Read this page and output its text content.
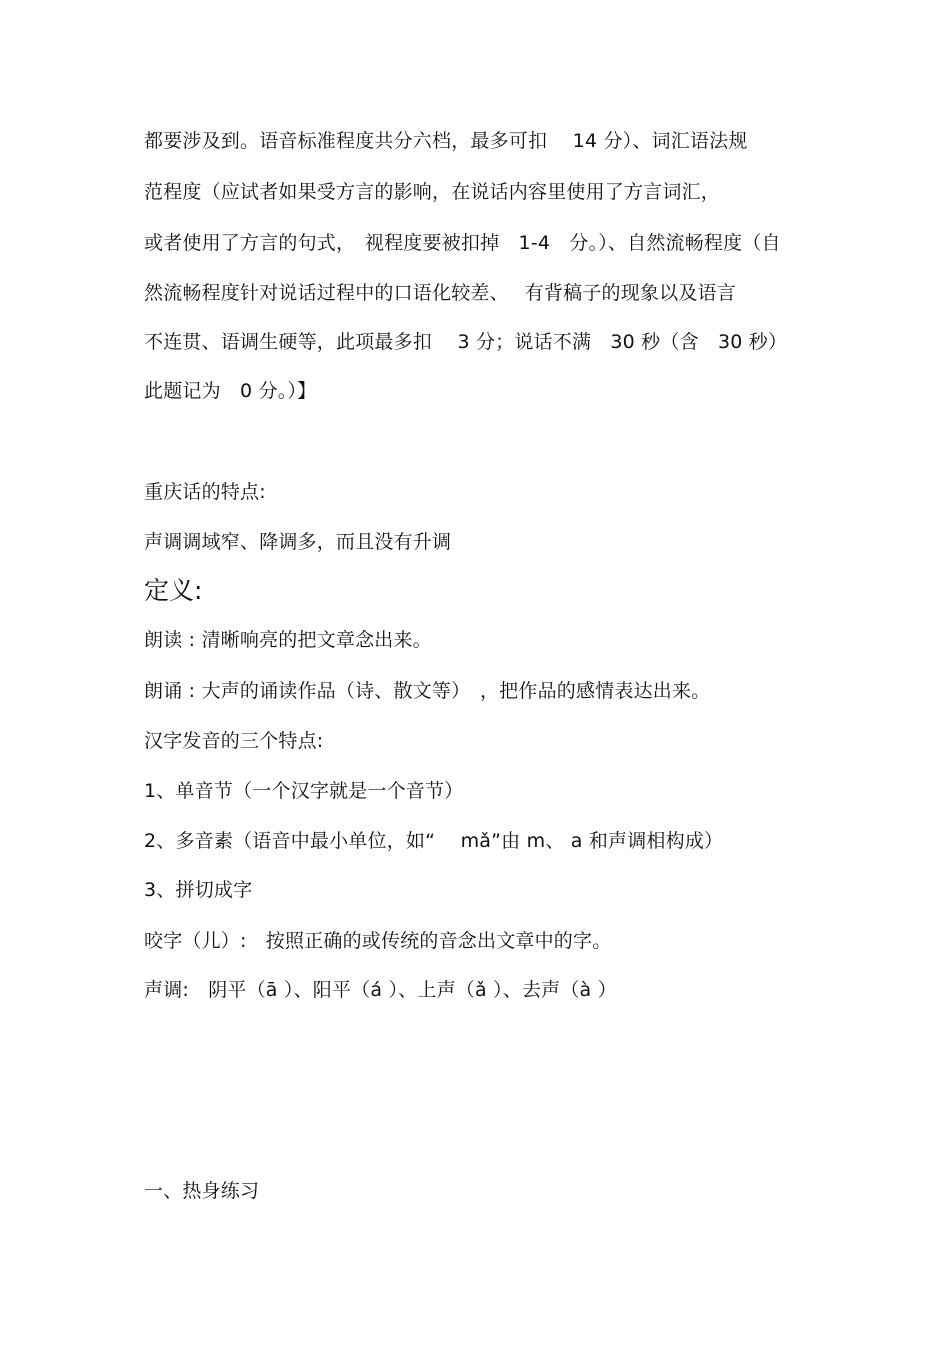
都要涉及到。语音标准程度共分六档，最多可扣　 14 分）、词汇语法规
范程度（应试者如果受方言的影响，在说话内容里使用了方言词汇，
或者使用了方言的句式，　视程度要被扣掉　1-4　分。）、自然流畅程度（自
然流畅程度针对说话过程中的口语化较差、　 有背稿子的现象以及语言
不连贯、语调生硬等，此项最多扣　 3 分；说话不满　30 秒（含　30 秒）
此题记为　0 分。）】
重庆话的特点:
声调调域窄、降调多，而且没有升调
定义:
朗读 : 清晰响亮的把文章念出来。
朗诵 : 大声的诵读作品（诗、散文等）　，把作品的感情表达出来。
汉字发音的三个特点:
1、单音节（一个汉字就是一个音节）
2、多音素（语音中最小单位，如“　 mǎ”由 m、 a 和声调相构成）
3、拼切成字
咬字（儿）:　按照正确的或传统的音念出文章中的字。
声调:　阴平（ā ）、阳平（á ）、上声（ǎ ）、去声（à ）
一、热身练习
